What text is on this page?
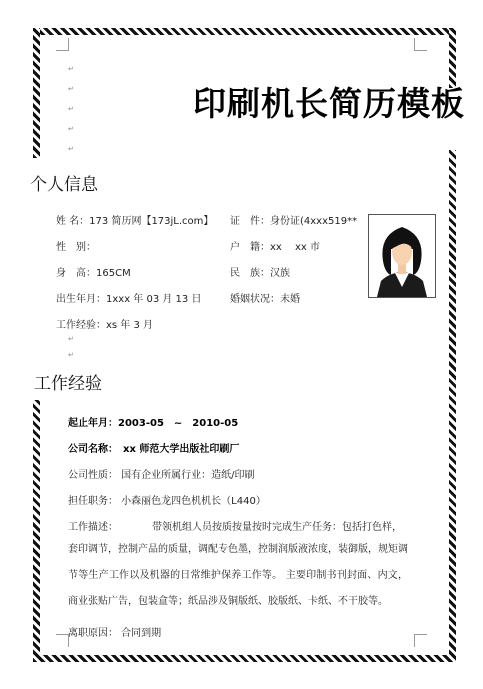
↵
↵
↵
↵
↵
↵
↵
印刷机长简历模板
个人信息
姓 名：173 简历网【173jL.com】 证　件：身份证(4xxx519**
性　别：	户　籍：xx　 xx 市
身　高：165CM	民　族：汉族
出生年月：1xxx 年 03 月 13 日	婚姻状况：未婚
工作经验：xs 年 3 月
工作经验
起止年月：2003-05　~　2010-05
公司名称：　xx 师范大学出版社印刷厂
公司性质： 国有企业所属行业：造纸/印刷
担任职务： 小森丽色龙四色机机长（L440）
工作描述：	带领机组人员按质按量按时完成生产任务：包括打色样，
套印调节，控制产品的质量，调配专色墨，控制润版液浓度，装御版，规矩调节等生产工作以及机器的日常维护保养工作等。 主要印制书刊封面、内文，商业张贴广告，包装盒等；纸品涉及铜版纸、胶版纸、卡纸、不干胶等。
离职原因： 合同到期
